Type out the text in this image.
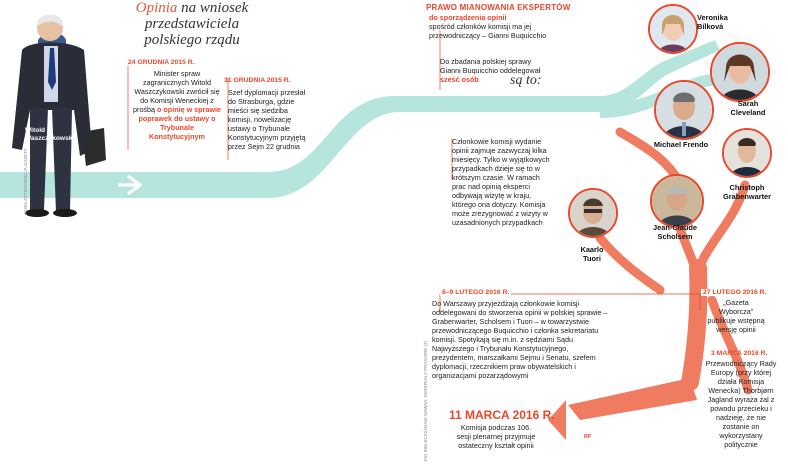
KUBA ATYS/AGENCJA GAZETA
Witold
Waszczykowski
Opinia na wniosek
przedstawiciela
polskiego rządu
24 GRUDNIA 2015 R.
Minister spraw zagranicznych Witold Waszczykowski zwrócił się do Komisji Weneckiej z prośbą o opinię w sprawie poprawek do ustawy o Trybunale Konstytucyjnym
31 GRUDNIA 2015 R.
Szef dyplomacji przesłał do Strasburga, gdzie mieści się siedziba komisji, nowelizację ustawy o Trybunale Konstytucyjnym przyjętą przez Sejm 22 grudnia
PRAWO MIANOWANIA EKSPERTÓW
do sporządzenia opinii
spośród członków komisji ma jej przewodniczący – Gianni Buquicchio
Do zbadania polskiej sprawy Gianni Buquicchio oddelegował sześć osób	są to:
Veronika
Bílková
Sarah
Cleveland
Michael Frendo
Christoph
Grabenwarter
Jean-Claude
Scholsem
Kaarlo
Tuori
Członkowie komisji wydanie opinii zajmuje zazwyczaj kilka miesięcy. Tylko w wyjątkowych przypadkach dzieje się to w krótszym czasie. W ramach prac nad opinią eksperci odbywają wizytę w kraju, którego ona dotyczy. Komisja może zrezygnować z wizyty w uzasadnionych przypadkach
8–9 LUTEGO 2016 R.
Do Warszawy przyjeżdżają członkowie komisji oddelegowani do stworzenia opinii w polskiej sprawie – Grabenwarter, Scholsem i Tuori – w towarzystwie przewodniczącego Buquicchio i członka sekretariatu komisji. Spotykają się m.in. z sędziami Sądu Najwyższego i Trybunału Konstytucyjnego, prezydentem, marszałkami Sejmu i Senatu, szefem dyplomacji, rzecznikiem praw obywatelskich i organizacjami pozarządowymi
27 LUTEGO 2016 R.
„Gazeta Wyborcza” publikuje wstępną wersję opinii
3 MARCA 2016 R.
Przewodniczący Rady Europy (przy której działa Komisja Wenecka) Thorbjørn Jagland wyraża żal z powodu przecieku i nadzieję, że nie zostanie on wykorzystany politycznie
11 MARCA 2016 R.
Komisja podczas 106. sesji plenarnej przyjmuje ostateczny kształt opinii
JAN BIELECKI/ADAM NOWAK, MATERIAŁY PRASOWE (3)	RP
